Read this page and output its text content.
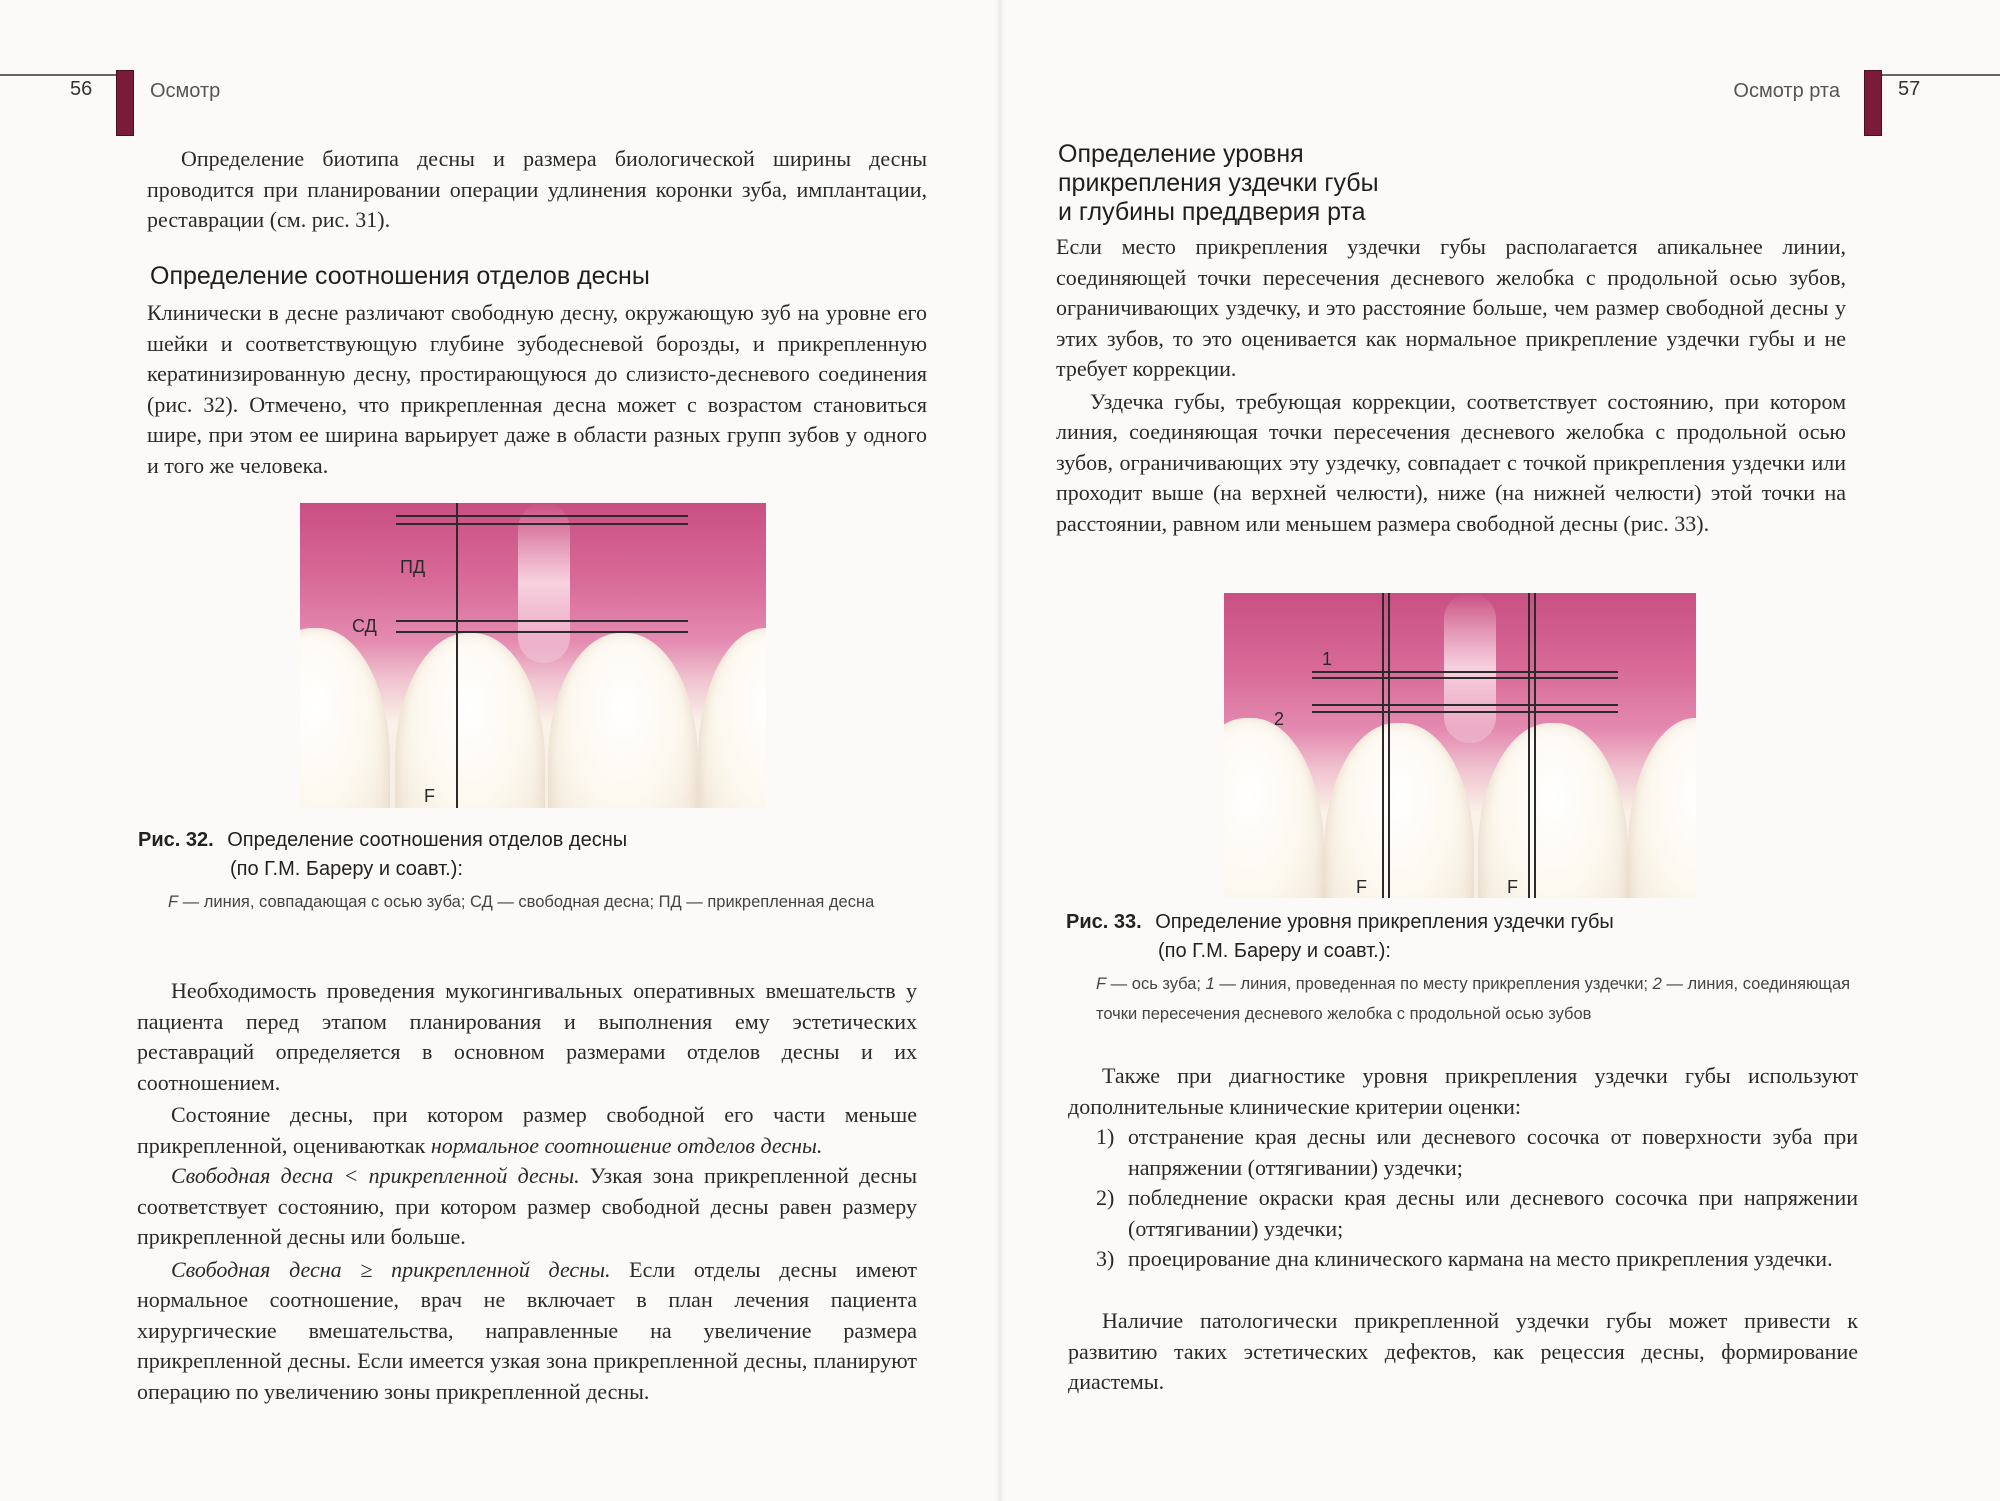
56	Осмотр

Определение биотипа десны и размера биологической ширины десны проводится при планировании операции удлинения коронки зуба, имплантации, реставрации (см. рис. 31).

Определение соотношения отделов десны

Клинически в десне различают свободную десну, окружающую зуб на уровне его шейки и соответствующую глубине зубодесневой борозды, и прикрепленную кератинизированную десну, простирающуюся до слизисто-десневого соединения (рис. 32). Отмечено, что прикрепленная десна может с возрастом становиться шире, при этом ее ширина варьирует даже в области разных групп зубов у одного и того же человека.

ПД
СД
F
Рис. 32. Определение соотношения отделов десны
(по Г.М. Бареру и соавт.):
F — линия, совпадающая с осью зуба; СД — свободная десна; ПД — прикрепленная десна

Необходимость проведения мукогингивальных оперативных вмешательств у пациента перед этапом планирования и выполнения ему эстетических реставраций определяется в основном размерами отделов десны и их соотношением.

Состояние десны, при котором размер свободной его части меньше прикрепленной, оцениваюткак нормальное соотношение отделов десны.

Свободная десна < прикрепленной десны. Узкая зона прикрепленной десны соответствует состоянию, при котором размер свободной десны равен размеру прикрепленной десны или больше.

Свободная десна ≥ прикрепленной десны. Если отделы десны имеют нормальное соотношение, врач не включает в план лечения пациента хирургические вмешательства, направленные на увеличение размера прикрепленной десны. Если имеется узкая зона прикрепленной десны, планируют операцию по увеличению зоны прикрепленной десны.

57
Осмотр рта
Определение уровня
прикрепления уздечки губы
и глубины преддверия рта

Если место прикрепления уздечки губы располагается апикальнее линии, соединяющей точки пересечения десневого желобка с продольной осью зубов, ограничивающих уздечку, и это расстояние больше, чем размер свободной десны у этих зубов, то это оценивается как нормальное прикрепление уздечки губы и не требует коррекции.

Уздечка губы, требующая коррекции, соответствует состоянию, при котором линия, соединяющая точки пересечения десневого желобка с продольной осью зубов, ограничивающих эту уздечку, совпадает с точкой прикрепления уздечки или проходит выше (на верхней челюсти), ниже (на нижней челюсти) этой точки на расстоянии, равном или меньшем размера свободной десны (рис. 33).

1
2
F	F
Рис. 33. Определение уровня прикрепления уздечки губы
(по Г.М. Бареру и соавт.):
F — ось зуба; 1 — линия, проведенная по месту прикрепления уздечки; 2 — линия, соединяющая точки пересечения десневого желобка с продольной осью зубов

Также при диагностике уровня прикрепления уздечки губы используют дополнительные клинические критерии оценки:

1) отстранение края десны или десневого сосочка от поверхности зуба при напряжении (оттягивании) уздечки;
2) побледнение окраски края десны или десневого сосочка при напряжении (оттягивании) уздечки;
3) проецирование дна клинического кармана на место прикрепления уздечки.

Наличие патологически прикрепленной уздечки губы может привести к развитию таких эстетических дефектов, как рецессия десны, формирование диастемы.
